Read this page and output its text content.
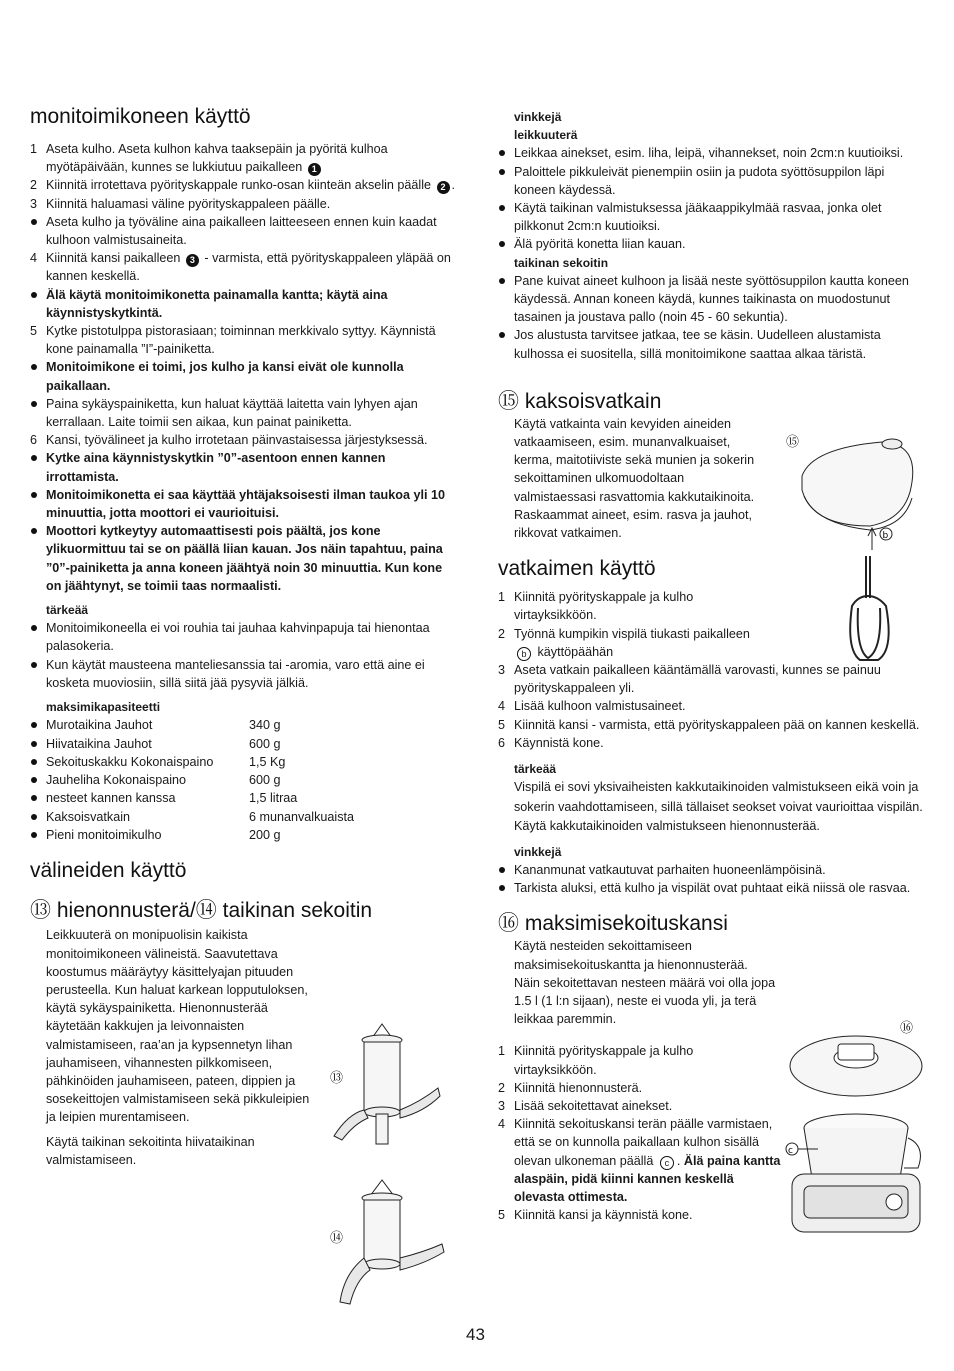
monitoimikoneen käyttö
1 Aseta kulho. Aseta kulhon kahva taaksepäin ja pyöritä kulhoa myötäpäivään, kunnes se lukkiutuu paikalleen 1
2 Kiinnitä irrotettava pyörityskappale runko-osan kiinteän akselin päälle 2 .
3 Kiinnitä haluamasi väline pyörityskappaleen päälle.
Aseta kulho ja työväline aina paikalleen laitteeseen ennen kuin kaadat kulhoon valmistusaineita.
4 Kiinnitä kansi paikalleen 3 - varmista, että pyörityskappaleen yläpää on kannen keskellä.
Älä käytä monitoimikonetta painamalla kantta; käytä aina käynnistyskytkintä.
5 Kytke pistotulppa pistorasiaan; toiminnan merkkivalo syttyy. Käynnistä kone painamalla ”I”-painiketta.
Monitoimikone ei toimi, jos kulho ja kansi eivät ole kunnolla paikallaan.
Paina sykäyspainiketta, kun haluat käyttää laitetta vain lyhyen ajan kerrallaan. Laite toimii sen aikaa, kun painat painiketta.
6 Kansi, työvälineet ja kulho irrotetaan päinvastaisessa järjestyksessä.
Kytke aina käynnistyskytkin ”0”-asentoon ennen kannen irrottamista.
Monitoimikonetta ei saa käyttää yhtäjaksoisesti ilman taukoa yli 10 minuuttia, jotta moottori ei vaurioituisi.
Moottori kytkeytyy automaattisesti pois päältä, jos kone ylikuormittuu tai se on päällä liian kauan. Jos näin tapahtuu, paina ”0”-painiketta ja anna koneen jäähtyä noin 30 minuuttia. Kun kone on jäähtynyt, se toimii taas normaalisti.
tärkeää
Monitoimikoneella ei voi rouhia tai jauhaa kahvinpapuja tai hienontaa palasokeria.
Kun käytät mausteena manteliesanssia tai -aromia, varo että aine ei kosketa muoviosiin, sillä siitä jää pysyviä jälkiä.
maksimikapasiteetti
Murotaikina Jauhot	340 g
Hiivataikina Jauhot	600 g
Sekoituskakku Kokonaispaino	1,5 Kg
Jauheliha Kokonaispaino	600 g
nesteet kannen kanssa	1,5 litraa
Kaksoisvatkain	6 munanvalkuaista
Pieni monitoimikulho	200 g
välineiden käyttö
⑬ hienonnusterä/⑭ taikinan sekoitin
Leikkuuterä on monipuolisin kaikista monitoimikoneen välineistä. Saavutettava koostumus määräytyy käsittelyajan pituuden perusteella. Kun haluat karkean lopputuloksen, käytä sykäyspainiketta. Hienonnusterää käytetään kakkujen ja leivonnaisten valmistamiseen, raa’an ja kypsennetyn lihan jauhamiseen, vihannesten pilkkomiseen, pähkinöiden jauhamiseen, pateen, dippien ja sosekeittojen valmistamiseen sekä pikkuleipien ja leipien murentamiseen.
Käytä taikinan sekoitinta hiivataikinan valmistamiseen.
⑬
⑭
vinkkejä
leikkuuterä
Leikkaa ainekset, esim. liha, leipä, vihannekset, noin 2cm:n kuutioiksi.
Paloittele pikkuleivät pienempiin osiin ja pudota syöttösuppilon läpi koneen käydessä.
Käytä taikinan valmistuksessa jääkaappikylmää rasvaa, jonka olet pilkkonut 2cm:n kuutioiksi.
Älä pyöritä konetta liian kauan.
taikinan sekoitin
Pane kuivat aineet kulhoon ja lisää neste syöttösuppilon kautta koneen käydessä. Annan koneen käydä, kunnes taikinasta on muodostunut tasainen ja joustava pallo (noin 45 - 60 sekuntia).
Jos alustusta tarvitsee jatkaa, tee se käsin. Uudelleen alustamista kulhossa ei suositella, sillä monitoimikone saattaa alkaa täristä.
⑮ kaksoisvatkain
Käytä vatkainta vain kevyiden aineiden vatkaamiseen, esim. munanvalkuaiset, kerma, maitotiiviste sekä munien ja sokerin sekoittaminen ulkomuodoltaan valmistaessasi rasvattomia kakkutaikinoita. Raskaammat aineet, esim. rasva ja jauhot, rikkovat vatkaimen.
vatkaimen käyttö
1 Kiinnitä pyörityskappale ja kulho virtayksikköön.
2 Työnnä kumpikin vispilä tiukasti paikalleen
b käyttöpäähän
3 Aseta vatkain paikalleen kääntämällä varovasti, kunnes se painuu pyörityskappaleen yli.
4 Lisää kulhoon valmistusaineet.
5 Kiinnitä kansi - varmista, että pyörityskappaleen pää on kannen keskellä.
6 Käynnistä kone.
tärkeää
Vispilä ei sovi yksivaiheisten kakkutaikinoiden valmistukseen eikä voin ja sokerin vaahdottamiseen, sillä tällaiset seokset voivat vaurioittaa vispilän. Käytä kakkutaikinoiden valmistukseen hienonnusterää.
vinkkejä
Kananmunat vatkautuvat parhaiten huoneenlämpöisinä.
Tarkista aluksi, että kulho ja vispilät ovat puhtaat eikä niissä ole rasvaa.
⑯ maksimisekoituskansi
Käytä nesteiden sekoittamiseen maksimisekoituskantta ja hienonnusterää. Näin sekoitettavan nesteen määrä voi olla jopa 1.5 l (1 l:n sijaan), neste ei vuoda yli, ja terä leikkaa paremmin.
1 Kiinnitä pyörityskappale ja kulho virtayksikköön.
2 Kiinnitä hienonnusterä.
3 Lisää sekoitettavat ainekset.
4 Kiinnitä sekoituskansi terän päälle varmistaen, että se on kunnolla paikallaan kulhon sisällä olevan ulkoneman päällä c . Älä paina kantta alaspäin, pidä kiinni kannen keskellä olevasta ottimesta.
5 Kiinnitä kansi ja käynnistä kone.
⑮
b
⑯
c
43
